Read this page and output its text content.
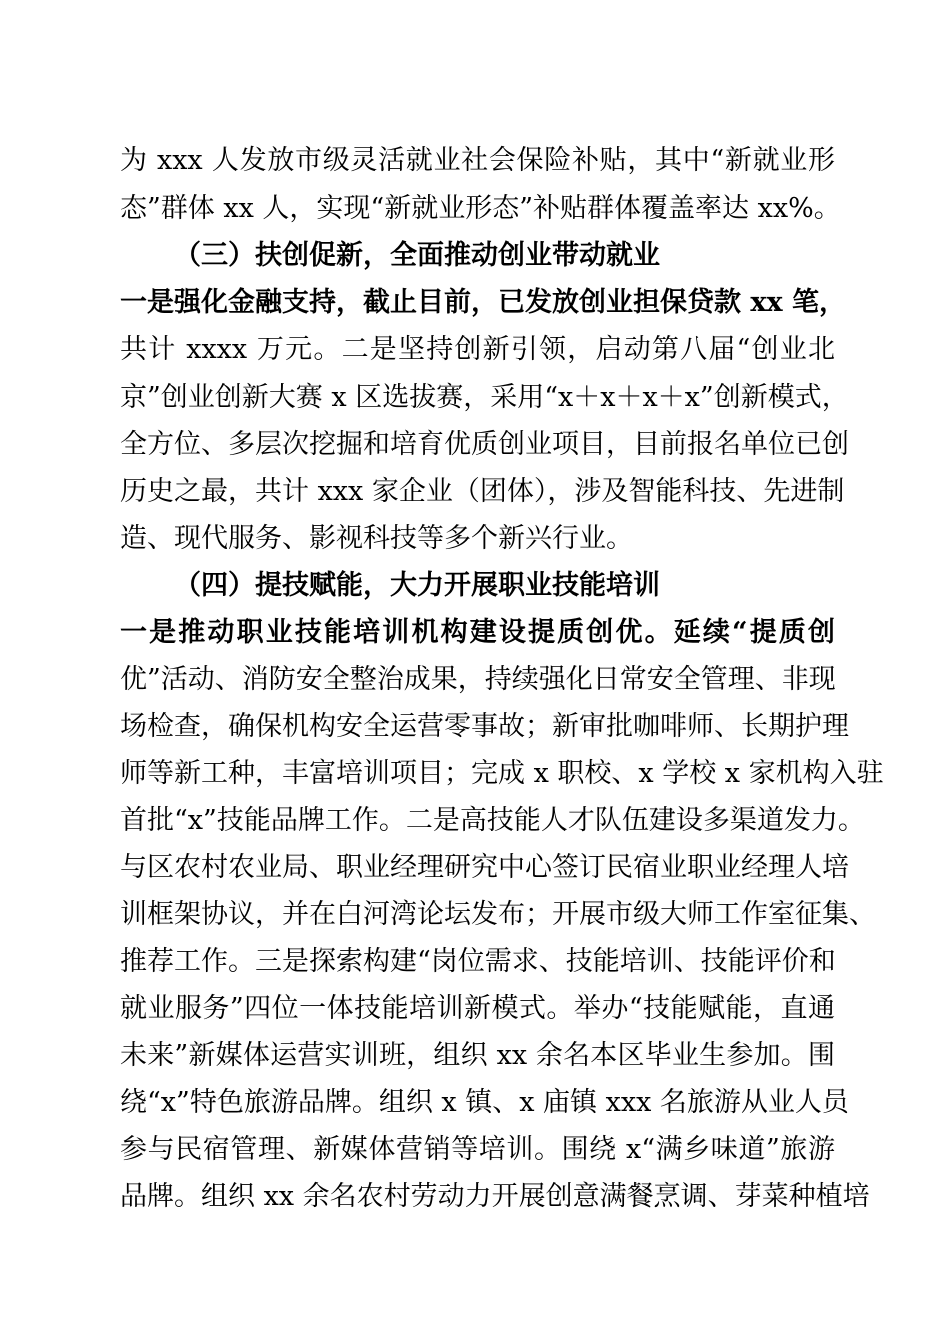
为 xxx 人发放市级灵活就业社会保险补贴，其中“新就业形
态”群体 xx 人，实现“新就业形态”补贴群体覆盖率达 xx%。
（三）扶创促新，全面推动创业带动就业
一是强化金融支持，截止目前，已发放创业担保贷款 xx 笔，
共计 xxxx 万元。二是坚持创新引领，启动第八届“创业北
京”创业创新大赛 x 区选拔赛，采用“x＋x＋x＋x”创新模式，
全方位、多层次挖掘和培育优质创业项目，目前报名单位已创
历史之最，共计 xxx 家企业（团体），涉及智能科技、先进制
造、现代服务、影视科技等多个新兴行业。
（四）提技赋能，大力开展职业技能培训
一是推动职业技能培训机构建设提质创优。延续“提质创
优”活动、消防安全整治成果，持续强化日常安全管理、非现
场检查，确保机构安全运营零事故；新审批咖啡师、长期护理
师等新工种，丰富培训项目；完成 x 职校、x 学校 x 家机构入驻
首批“x”技能品牌工作。二是高技能人才队伍建设多渠道发力。
与区农村农业局、职业经理研究中心签订民宿业职业经理人培
训框架协议，并在白河湾论坛发布；开展市级大师工作室征集、
推荐工作。三是探索构建“岗位需求、技能培训、技能评价和
就业服务”四位一体技能培训新模式。举办“技能赋能，直通
未来”新媒体运营实训班，组织 xx 余名本区毕业生参加。围
绕“x”特色旅游品牌。组织 x 镇、x 庙镇 xxx 名旅游从业人员
参与民宿管理、新媒体营销等培训。围绕 x“满乡味道”旅游
品牌。组织 xx 余名农村劳动力开展创意满餐烹调、芽菜种植培
